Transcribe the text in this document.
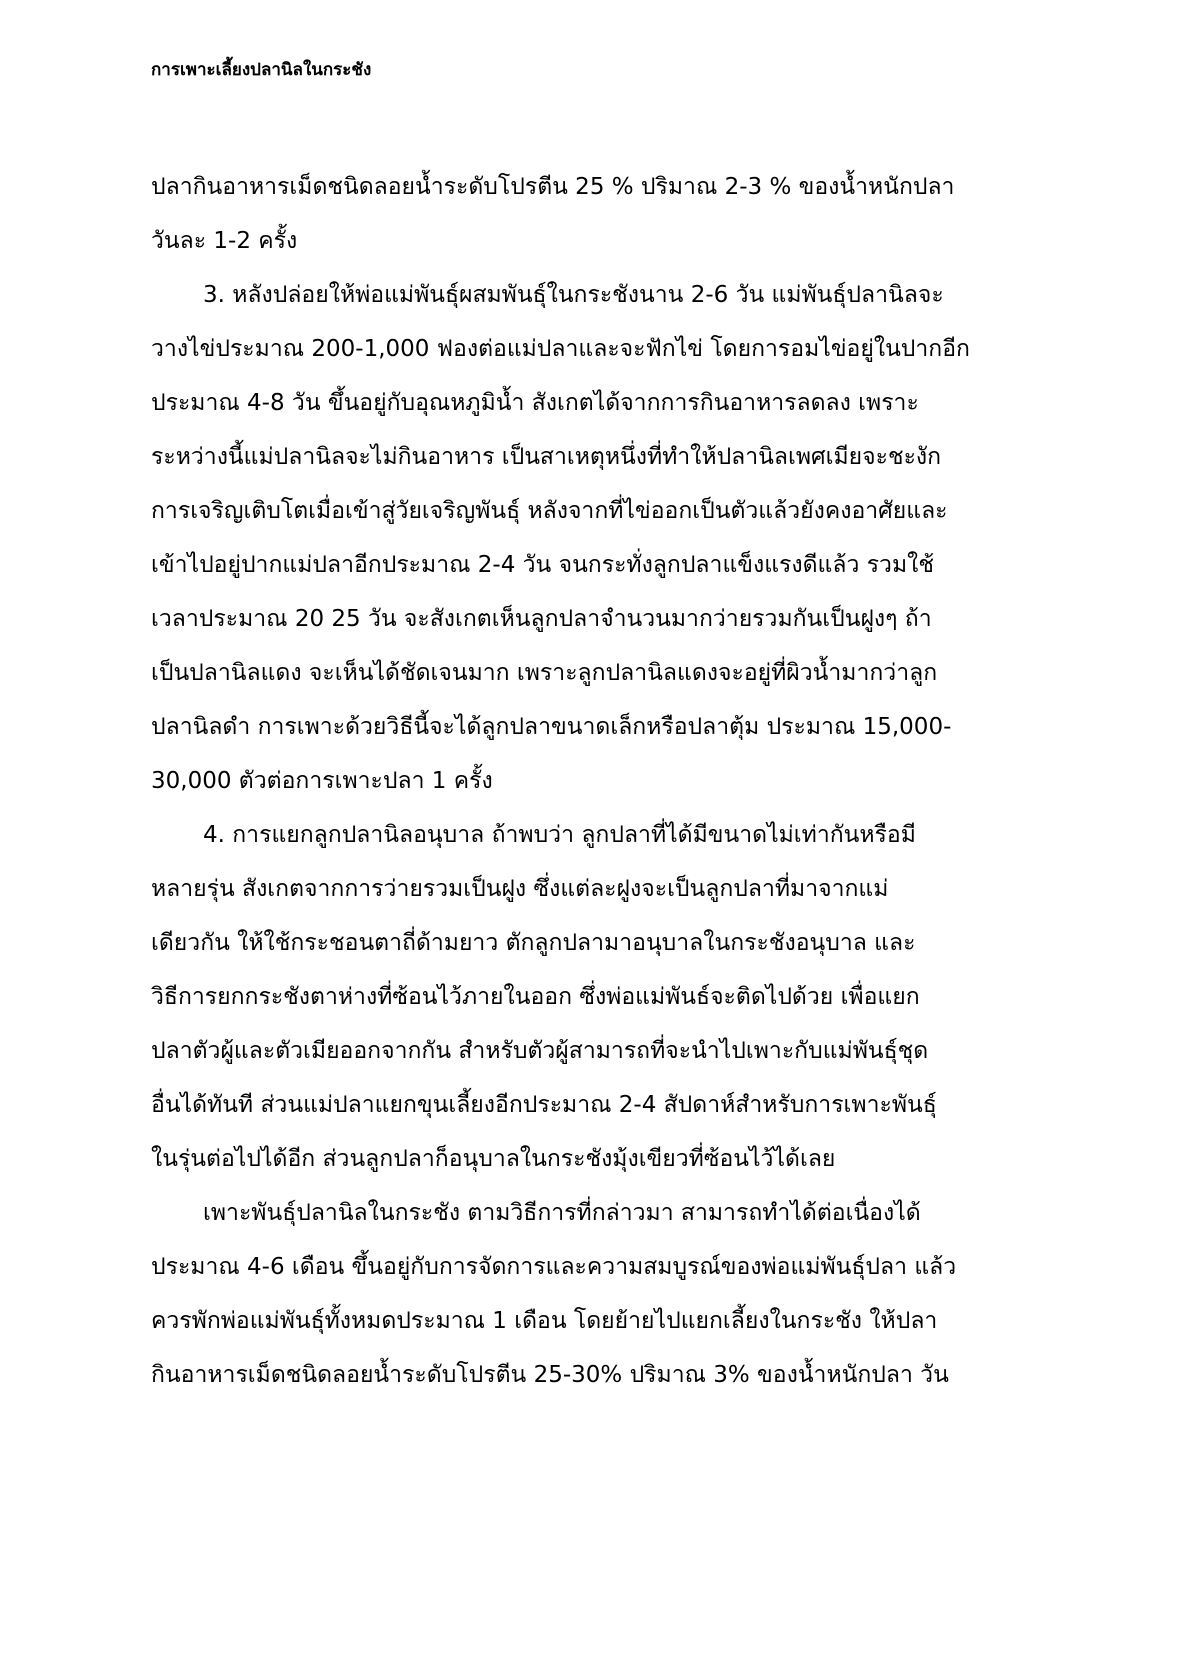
การเพาะเลี้ยงปลานิลในกระชัง
ปลากินอาหารเม็ดชนิดลอยน้ำระดับโปรตีน 25 % ปริมาณ 2-3 % ของน้ำหนักปลา
วันละ 1-2 ครั้ง
3. หลังปล่อยให้พ่อแม่พันธุ์ผสมพันธุ์ในกระชังนาน 2-6 วัน แม่พันธุ์ปลานิลจะ
วางไข่ประมาณ 200-1,000 ฟองต่อแม่ปลาและจะฟักไข่ โดยการอมไข่อยู่ในปากอีก
ประมาณ 4-8 วัน ขึ้นอยู่กับอุณหภูมิน้ำ สังเกตได้จากการกินอาหารลดลง เพราะ
ระหว่างนี้แม่ปลานิลจะไม่กินอาหาร เป็นสาเหตุหนึ่งที่ทำให้ปลานิลเพศเมียจะชะงัก
การเจริญเติบโตเมื่อเข้าสู่วัยเจริญพันธุ์ หลังจากที่ไข่ออกเป็นตัวแล้วยังคงอาศัยและ
เข้าไปอยู่ปากแม่ปลาอีกประมาณ 2-4 วัน จนกระทั่งลูกปลาแข็งแรงดีแล้ว รวมใช้
เวลาประมาณ 20 25 วัน จะสังเกตเห็นลูกปลาจำนวนมากว่ายรวมกันเป็นฝูงๆ ถ้า
เป็นปลานิลแดง จะเห็นได้ชัดเจนมาก เพราะลูกปลานิลแดงจะอยู่ที่ผิวน้ำมากว่าลูก
ปลานิลดำ การเพาะด้วยวิธีนี้จะได้ลูกปลาขนาดเล็กหรือปลาตุ้ม ประมาณ 15,000-
30,000 ตัวต่อการเพาะปลา 1 ครั้ง
4. การแยกลูกปลานิลอนุบาล ถ้าพบว่า ลูกปลาที่ได้มีขนาดไม่เท่ากันหรือมี
หลายรุ่น สังเกตจากการว่ายรวมเป็นฝูง ซึ่งแต่ละฝูงจะเป็นลูกปลาที่มาจากแม่
เดียวกัน ให้ใช้กระชอนตาถี่ด้ามยาว ตักลูกปลามาอนุบาลในกระชังอนุบาล และ
วิธีการยกกระชังตาห่างที่ซ้อนไว้ภายในออก ซึ่งพ่อแม่พันธ์จะติดไปด้วย เพื่อแยก
ปลาตัวผู้และตัวเมียออกจากกัน สำหรับตัวผู้สามารถที่จะนำไปเพาะกับแม่พันธุ์ชุด
อื่นได้ทันที ส่วนแม่ปลาแยกขุนเลี้ยงอีกประมาณ 2-4 สัปดาห์สำหรับการเพาะพันธุ์
ในรุ่นต่อไปได้อีก ส่วนลูกปลาก็อนุบาลในกระชังมุ้งเขียวที่ซ้อนไว้ได้เลย
เพาะพันธุ์ปลานิลในกระชัง ตามวิธีการที่กล่าวมา สามารถทำได้ต่อเนื่องได้
ประมาณ 4-6 เดือน ขึ้นอยู่กับการจัดการและความสมบูรณ์ของพ่อแม่พันธุ์ปลา แล้ว
ควรพักพ่อแม่พันธุ์ทั้งหมดประมาณ 1 เดือน โดยย้ายไปแยกเลี้ยงในกระชัง ให้ปลา
กินอาหารเม็ดชนิดลอยน้ำระดับโปรตีน 25-30% ปริมาณ 3% ของน้ำหนักปลา วัน
